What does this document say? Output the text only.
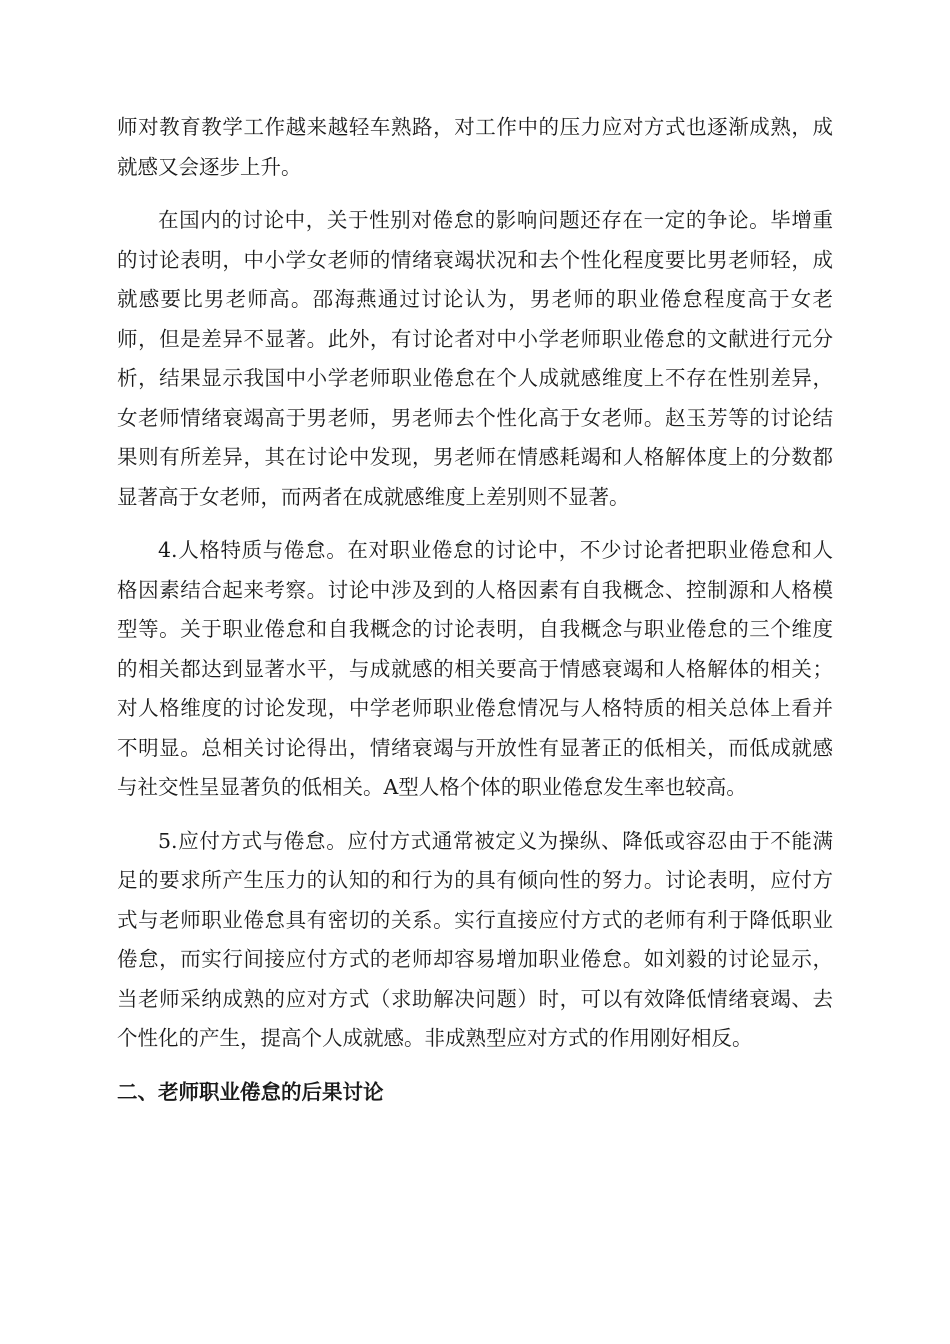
师对教育教学工作越来越轻车熟路，对工作中的压力应对方式也逐渐成熟，成就感又会逐步上升。

在国内的讨论中，关于性别对倦怠的影响问题还存在一定的争论。毕增重的讨论表明，中小学女老师的情绪衰竭状况和去个性化程度要比男老师轻，成就感要比男老师高。邵海燕通过讨论认为，男老师的职业倦怠程度高于女老师，但是差异不显著。此外，有讨论者对中小学老师职业倦怠的文献进行元分析，结果显示我国中小学老师职业倦怠在个人成就感维度上不存在性别差异，女老师情绪衰竭高于男老师，男老师去个性化高于女老师。赵玉芳等的讨论结果则有所差异，其在讨论中发现，男老师在情感耗竭和人格解体度上的分数都显著高于女老师，而两者在成就感维度上差别则不显著。

4.人格特质与倦怠。在对职业倦怠的讨论中，不少讨论者把职业倦怠和人格因素结合起来考察。讨论中涉及到的人格因素有自我概念、控制源和人格模型等。关于职业倦怠和自我概念的讨论表明，自我概念与职业倦怠的三个维度的相关都达到显著水平，与成就感的相关要高于情感衰竭和人格解体的相关；对人格维度的讨论发现，中学老师职业倦怠情况与人格特质的相关总体上看并不明显。总相关讨论得出，情绪衰竭与开放性有显著正的低相关，而低成就感与社交性呈显著负的低相关。A型人格个体的职业倦怠发生率也较高。

5.应付方式与倦怠。应付方式通常被定义为操纵、降低或容忍由于不能满足的要求所产生压力的认知的和行为的具有倾向性的努力。讨论表明，应付方式与老师职业倦怠具有密切的关系。实行直接应付方式的老师有利于降低职业倦怠，而实行间接应付方式的老师却容易增加职业倦怠。如刘毅的讨论显示，当老师采纳成熟的应对方式（求助解决问题）时，可以有效降低情绪衰竭、去个性化的产生，提高个人成就感。非成熟型应对方式的作用刚好相反。

二、老师职业倦怠的后果讨论
